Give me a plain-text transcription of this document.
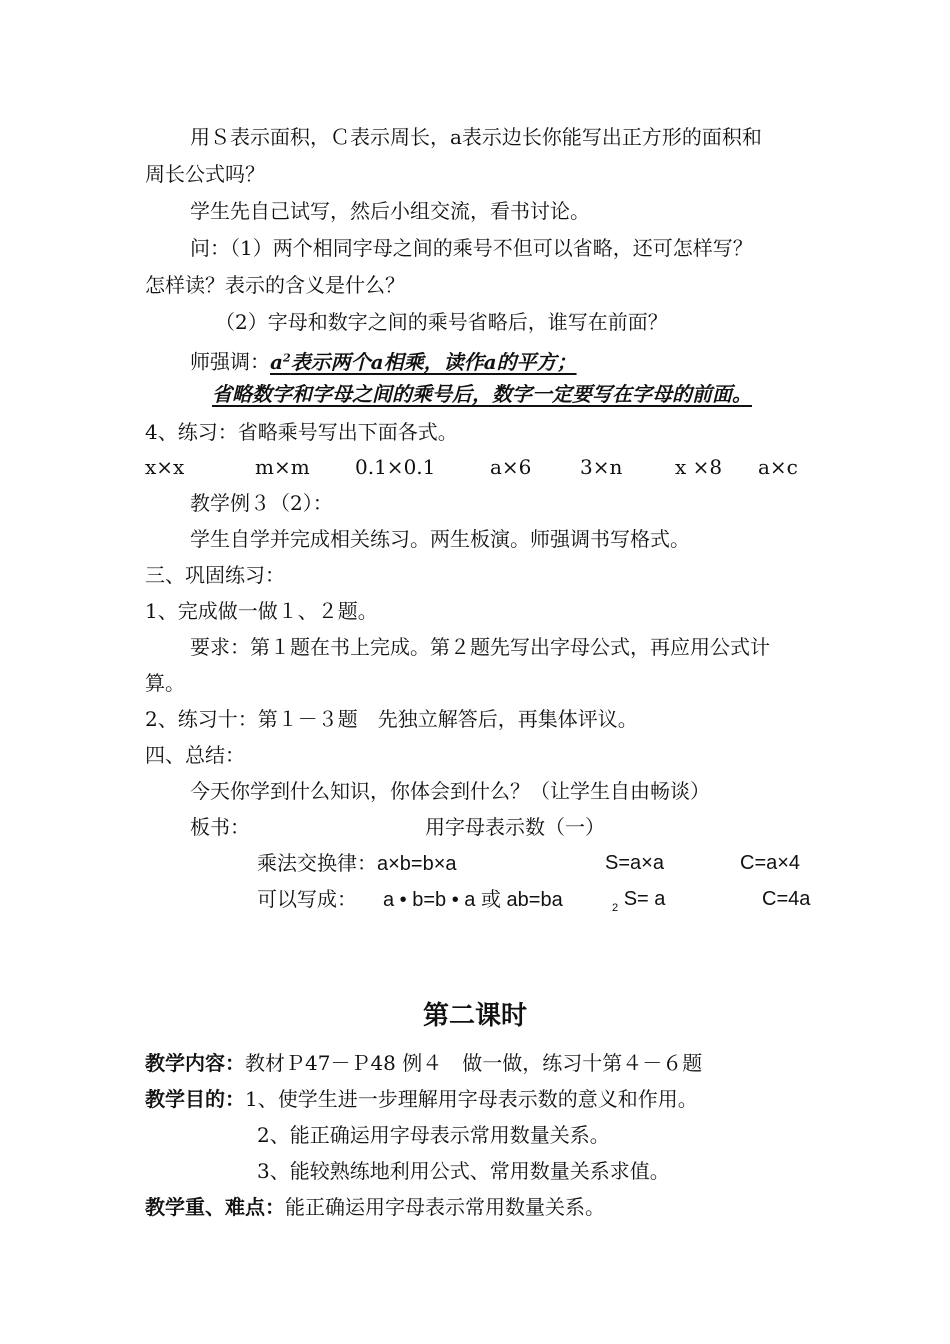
用Ｓ表示面积，Ｃ表示周长，a表示边长你能写出正方形的面积和
周长公式吗？
学生先自己试写，然后小组交流，看书讨论。
问：（1）两个相同字母之间的乘号不但可以省略，还可怎样写？
怎样读？表示的含义是什么？
（2）字母和数字之间的乘号省略后，谁写在前面？
师强调：$a^2$表示两个a相乘，读作a的平方；
省略数字和字母之间的乘号后，数字一定要写在字母的前面。
4、练习：省略乘号写出下面各式。
x×x	m×m 0.1×0.1	a×6 3×n	x ×8 a×c
教学例３（2）：
学生自学并完成相关练习。两生板演。师强调书写格式。
三、巩固练习：
1、完成做一做１、２题。
要求：第１题在书上完成。第２题先写出字母公式，再应用公式计
算。
2、练习十：第１－３题　先独立解答后，再集体评议。
四、总结：
今天你学到什么知识，你体会到什么？（让学生自由畅谈）
板书：	用字母表示数（一）
乘法交换律：a×b=b×a	S=a×a	C=a×4
可以写成： a • b=b • a 或 ab=ba	$_2$ S= a	C=4a
第二课时
教学内容：教材Ｐ47－Ｐ48 例４　做一做，练习十第４－６题
教学目的：1、使学生进一步理解用字母表示数的意义和作用。
2、能正确运用字母表示常用数量关系。
3、能较熟练地利用公式、常用数量关系求值。
教学重、难点：能正确运用字母表示常用数量关系。
